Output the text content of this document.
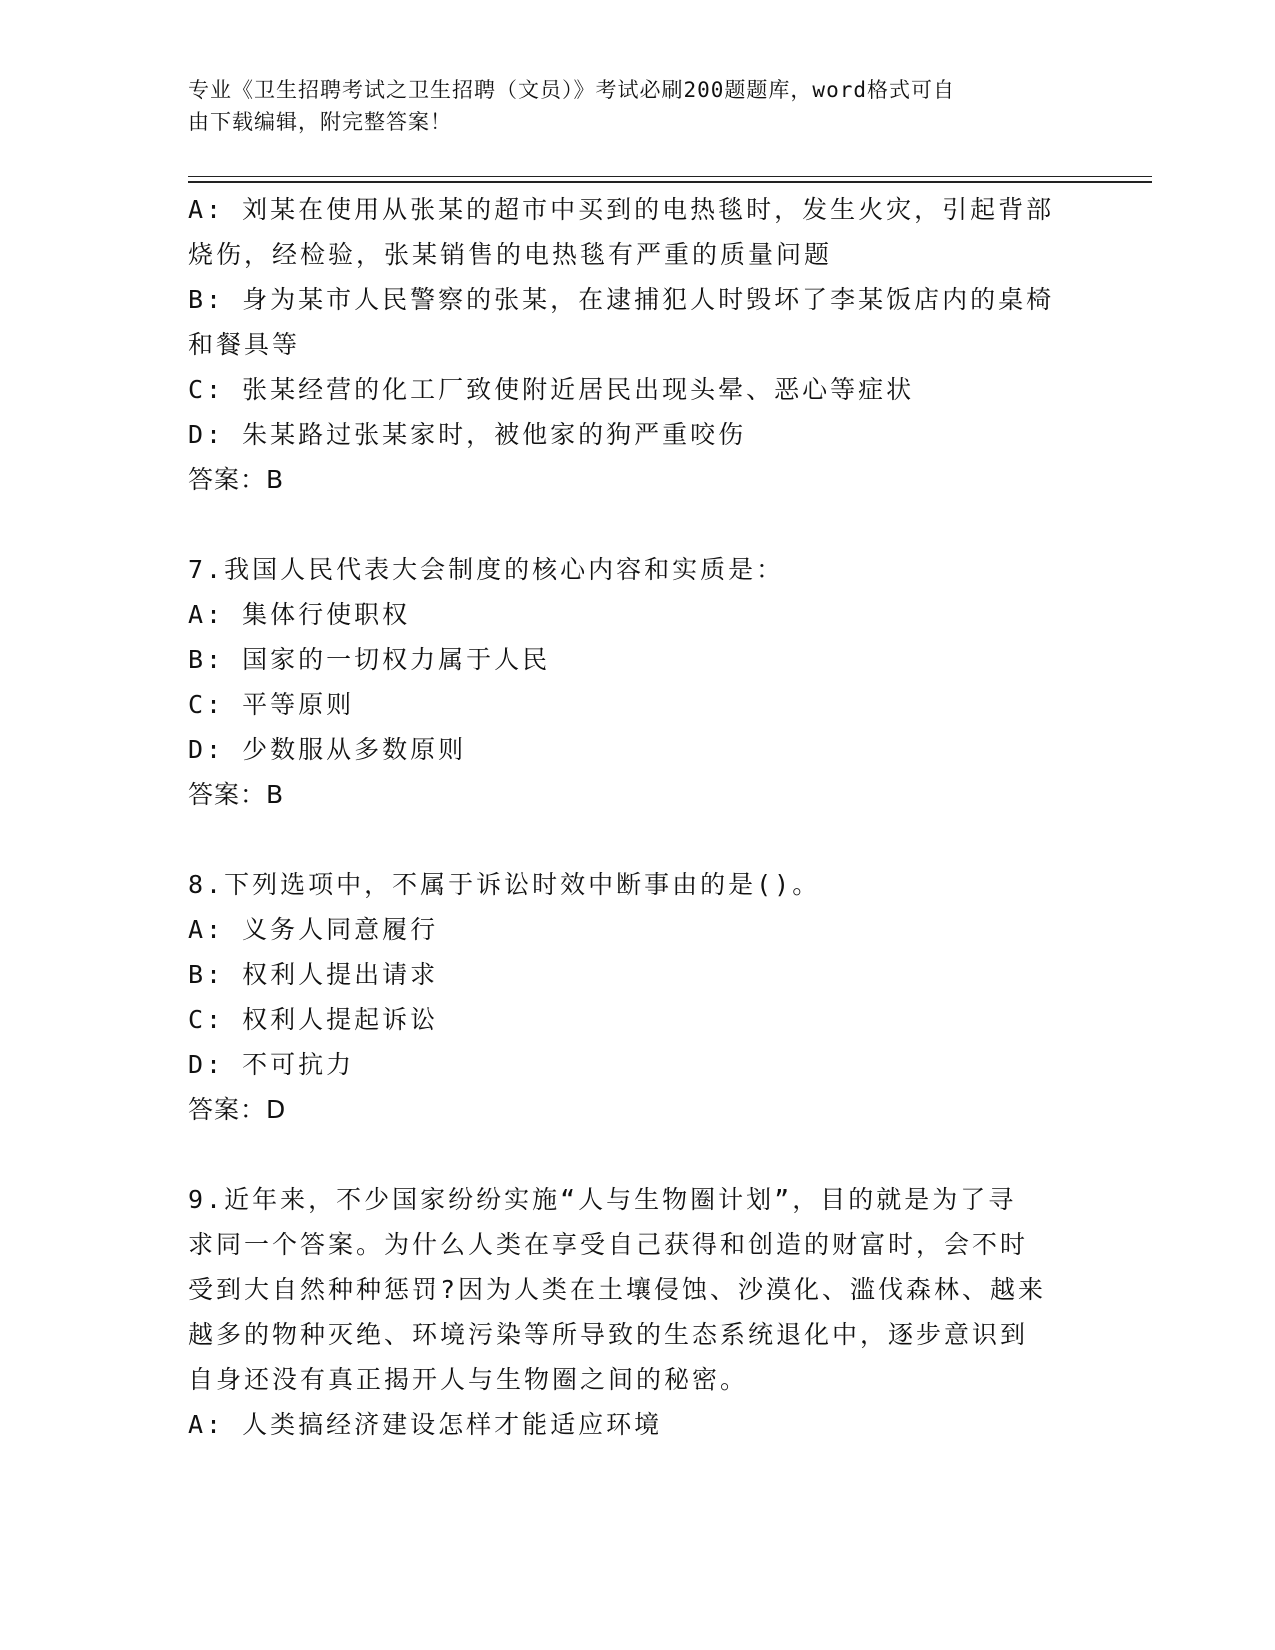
专业《卫生招聘考试之卫生招聘（文员）》考试必刷200题题库，word格式可自
由下载编辑，附完整答案！

A: 刘某在使用从张某的超市中买到的电热毯时，发生火灾，引起背部

烧伤，经检验，张某销售的电热毯有严重的质量问题

B: 身为某市人民警察的张某，在逮捕犯人时毁坏了李某饭店内的桌椅

和餐具等

C: 张某经营的化工厂致使附近居民出现头晕、恶心等症状

D: 朱某路过张某家时，被他家的狗严重咬伤

答案：B

7.我国人民代表大会制度的核心内容和实质是：

A: 集体行使职权

B: 国家的一切权力属于人民

C: 平等原则

D: 少数服从多数原则

答案：B

8.下列选项中，不属于诉讼时效中断事由的是()。

A: 义务人同意履行

B: 权利人提出请求

C: 权利人提起诉讼

D: 不可抗力

答案：D

9.近年来，不少国家纷纷实施“人与生物圈计划”，目的就是为了寻

求同一个答案。为什么人类在享受自己获得和创造的财富时，会不时

受到大自然种种惩罚?因为人类在土壤侵蚀、沙漠化、滥伐森林、越来

越多的物种灭绝、环境污染等所导致的生态系统退化中，逐步意识到

自身还没有真正揭开人与生物圈之间的秘密。

A: 人类搞经济建设怎样才能适应环境
